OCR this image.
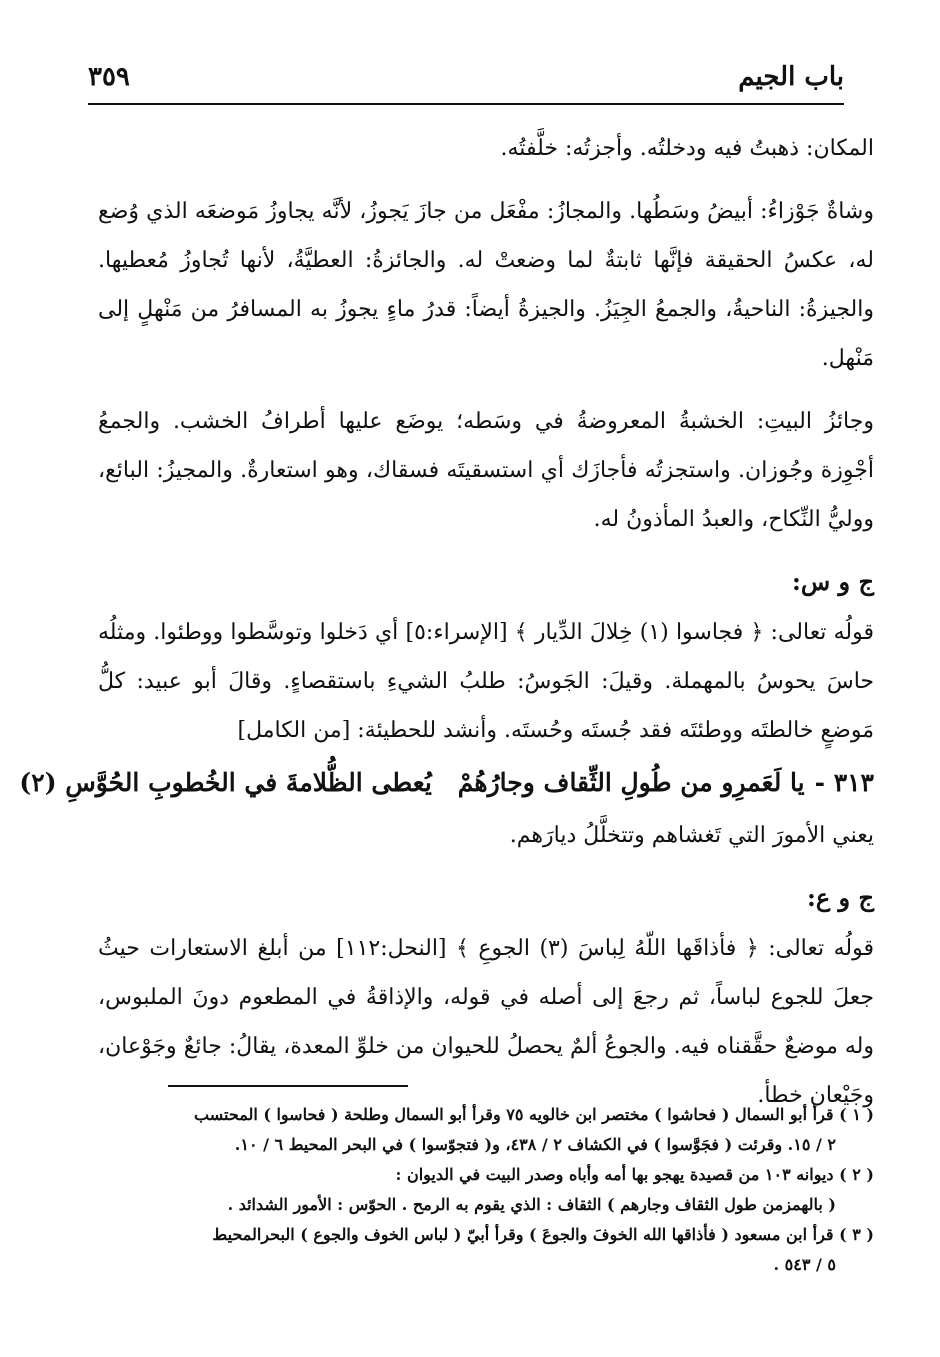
باب الجيم
٣٥٩

المكان: ذهبتُ فيه ودخلتُه. وأجزتُه: خلَّفتُه.

وشاةٌ جَوْزاءُ: أبيضُ وسَطُها. والمجازُ: مفْعَل من جازَ يَجوزُ، لأنَّه يجاوزُ مَوضعَه الذي وُضع له، عكسُ الحقيقة فإنَّها ثابتةٌ لما وضعتْ له. والجائزةُ: العطيَّةُ، لأنها تُجاوزُ مُعطيها. والجيزةُ: الناحيةُ، والجمعُ الجِيَزُ. والجيزةُ أيضاً: قدرُ ماءٍ يجوزُ به المسافرُ من مَنْهلٍ إلى مَنْهل.

وجائزُ البيتِ: الخشبةُ المعروضةُ في وسَطه؛ يوضَع عليها أطرافُ الخشب. والجمعُ أجْوِزة وجُوزان. واستجزتُه فأجازَك أي استسقيتَه فسقاك، وهو استعارةٌ. والمجيزُ: البائع، ووليُّ النِّكاح، والعبدُ المأذونُ له.

ج و س:

قولُه تعالى: ﴿ فجاسوا (١) خِلالَ الدِّيار ﴾ [الإسراء:٥] أي دَخلوا وتوسَّطوا ووطئوا. ومثلُه حاسَ يحوسُ بالمهملة. وقيلَ: الجَوسُ: طلبُ الشيءِ باستقصاءٍ. وقالَ أبو عبيد: كلُّ مَوضعٍ خالطتَه ووطئتَه فقد جُستَه وحُستَه. وأنشد للحطيئة: [من الكامل]

٣١٣ -يا لَعَمرِو من طُولِ الثِّقاف وجارُهُمْيُعطى الظُّلامةَ في الخُطوبِ الحُوَّسِ (٢)

يعني الأمورَ التي تَغشاهم وتتخلَّلُ ديارَهم.

ج و ع:

قولُه تعالى: ﴿ فأذاقَها اللّهُ لِباسَ (٣) الجوعِ ﴾ [النحل:١١٢] من أبلغ الاستعارات حيثُ جعلَ للجوع لباساً، ثم رجعَ إلى أصله في قوله، والإذاقةُ في المطعوم دونَ الملبوس، وله موضعٌ حقَّقناه فيه. والجوعُ ألمٌ يحصلُ للحيوان من خلوِّ المعدة، يقالُ: جائعٌ وجَوْعان، وجَيْعان خطأ.

( ١ ) قرأ أبو السمال ( فحاشوا ) مختصر ابن خالويه ٧٥ وقرأ أبو السمال وطلحة ( فحاسوا ) المحتسب

٢ / ١٥. وقرئت ( فجَوَّسوا ) في الكشاف ٢ / ٤٣٨، و( فتجوّسوا ) في البحر المحيط ٦ / ١٠.

( ٢ ) ديوانه ١٠٣ من قصيدة يهجو بها أمه وأباه وصدر البيت في الديوان :

( بالهمزمن طول الثقاف وجارهم ) الثقاف : الذي يقوم به الرمح . الحوّس : الأمور الشدائد .

( ٣ ) قرأ ابن مسعود ( فأذاقها الله الخوفَ والجوعَ ) وقرأ أبيّ ( لباس الخوف والجوع ) البحرالمحيط

٥ / ٥٤٣ .
